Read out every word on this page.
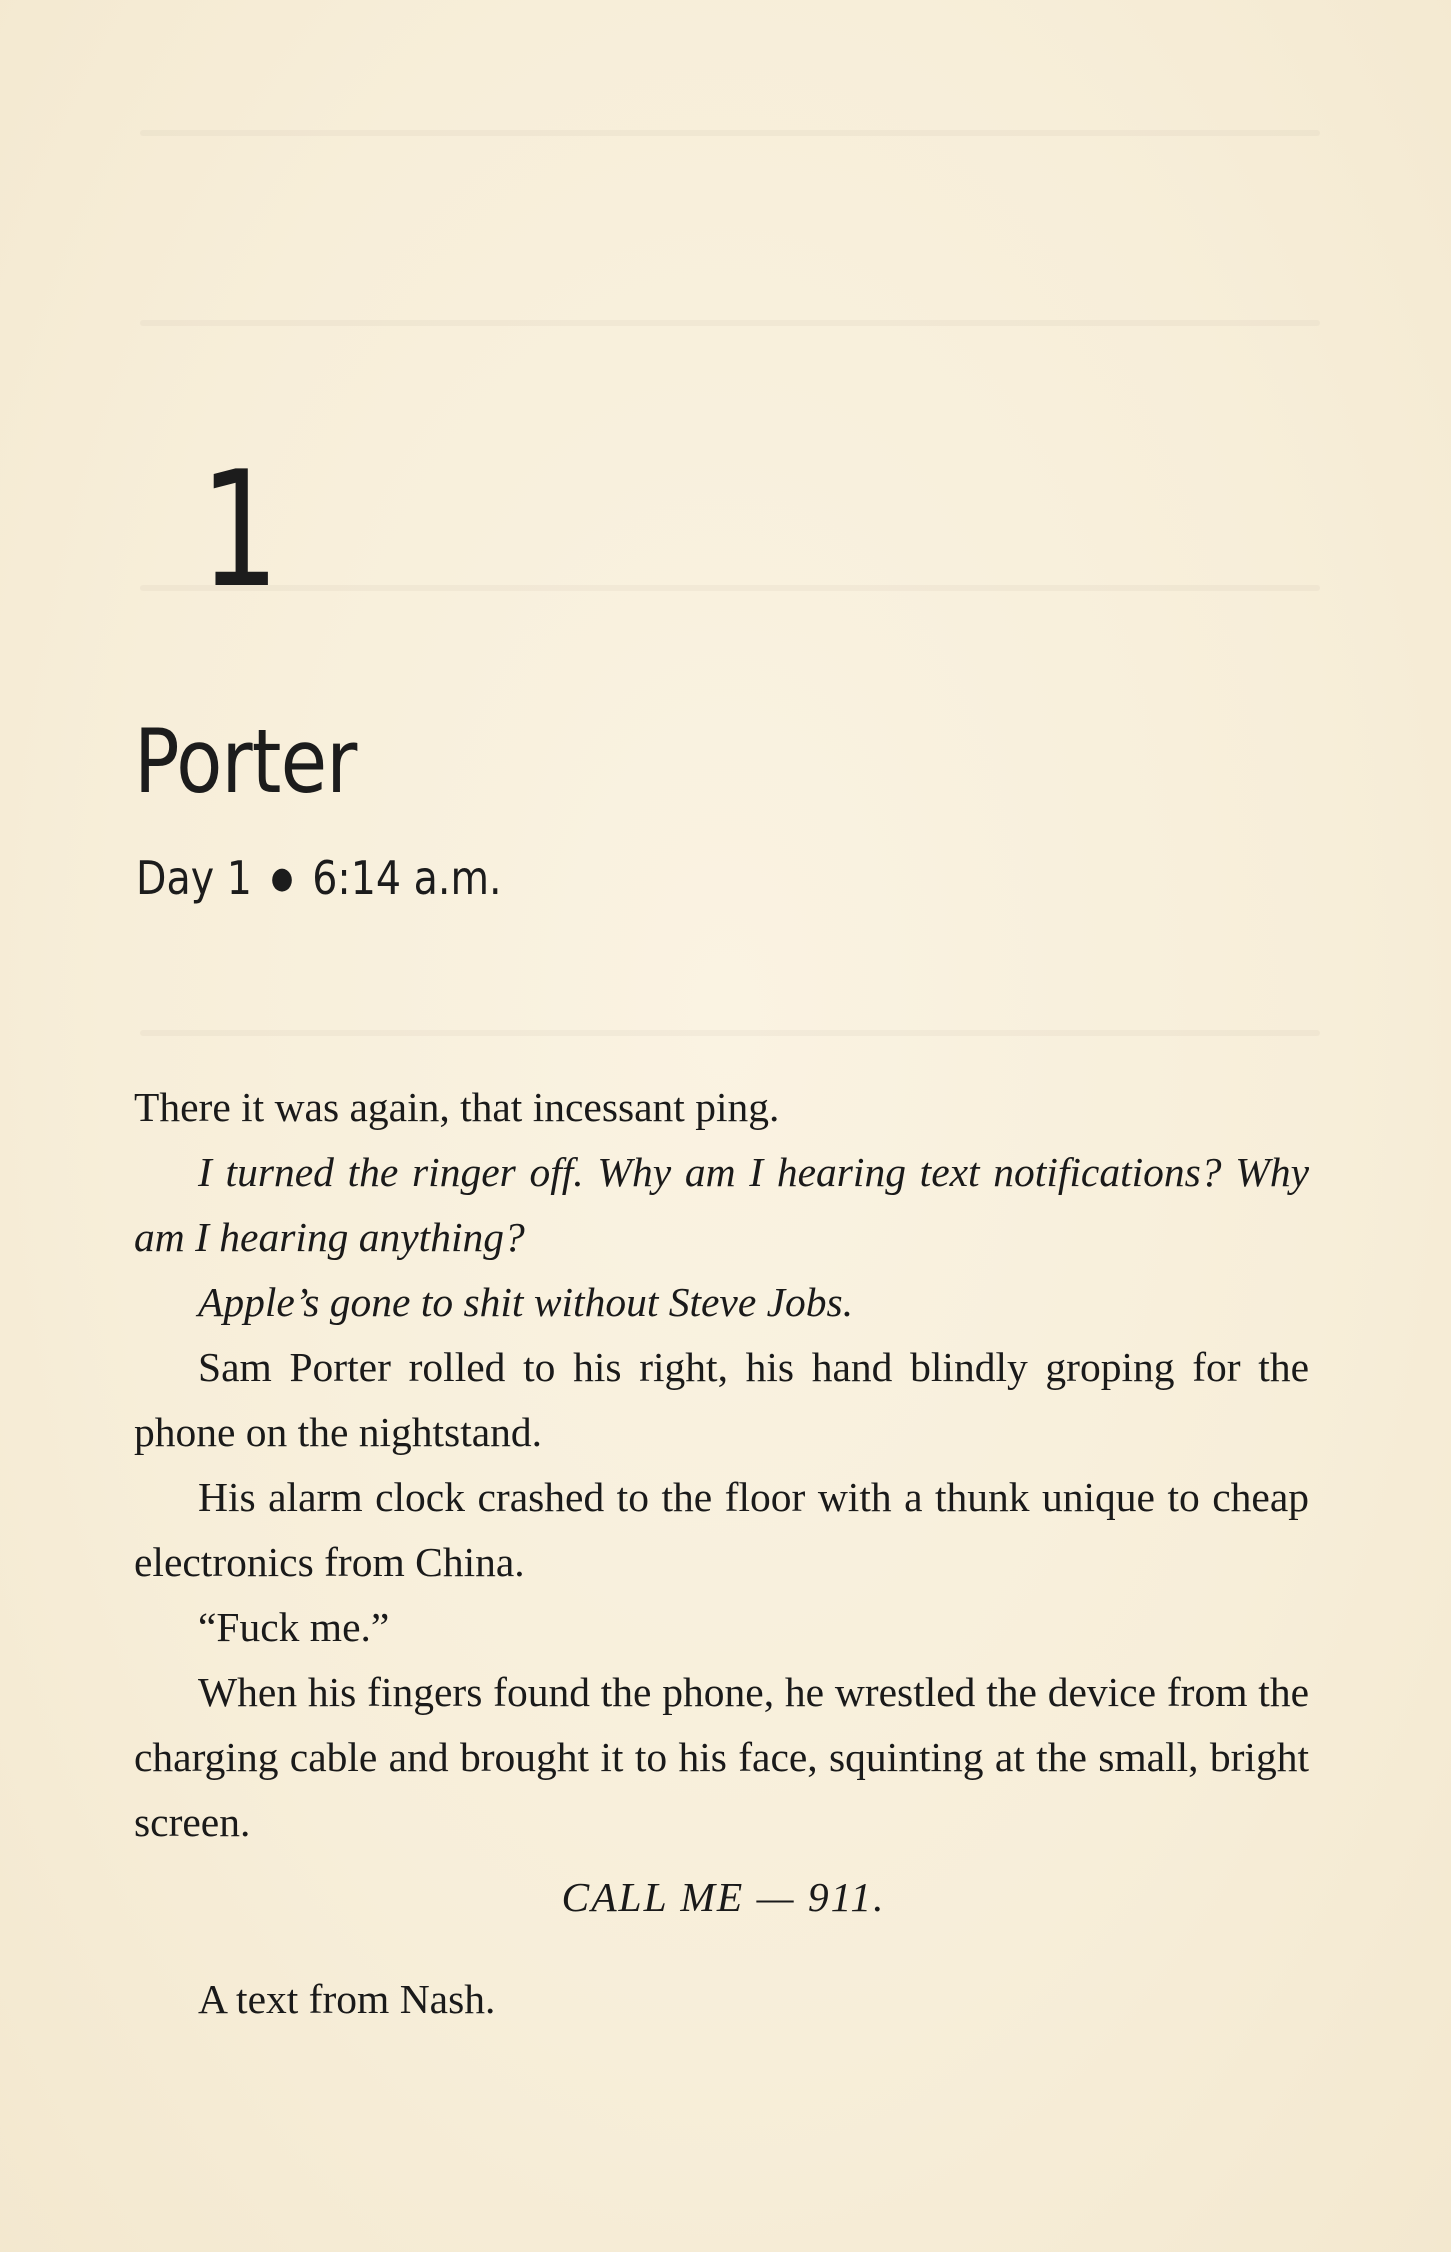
1
Porter
Day 1 ● 6:14 a.m.

There it was again, that incessant ping.

I turned the ringer off. Why am I hearing text notifications? Why am I hearing anything?

Apple’s gone to shit without Steve Jobs.

Sam Porter rolled to his right, his hand blindly groping for the phone on the nightstand.

His alarm clock crashed to the floor with a thunk unique to cheap electronics from China.

“Fuck me.”

When his fingers found the phone, he wrestled the device from the charging cable and brought it to his face, squinting at the small, bright screen.

CALL ME — 911.

A text from Nash.
